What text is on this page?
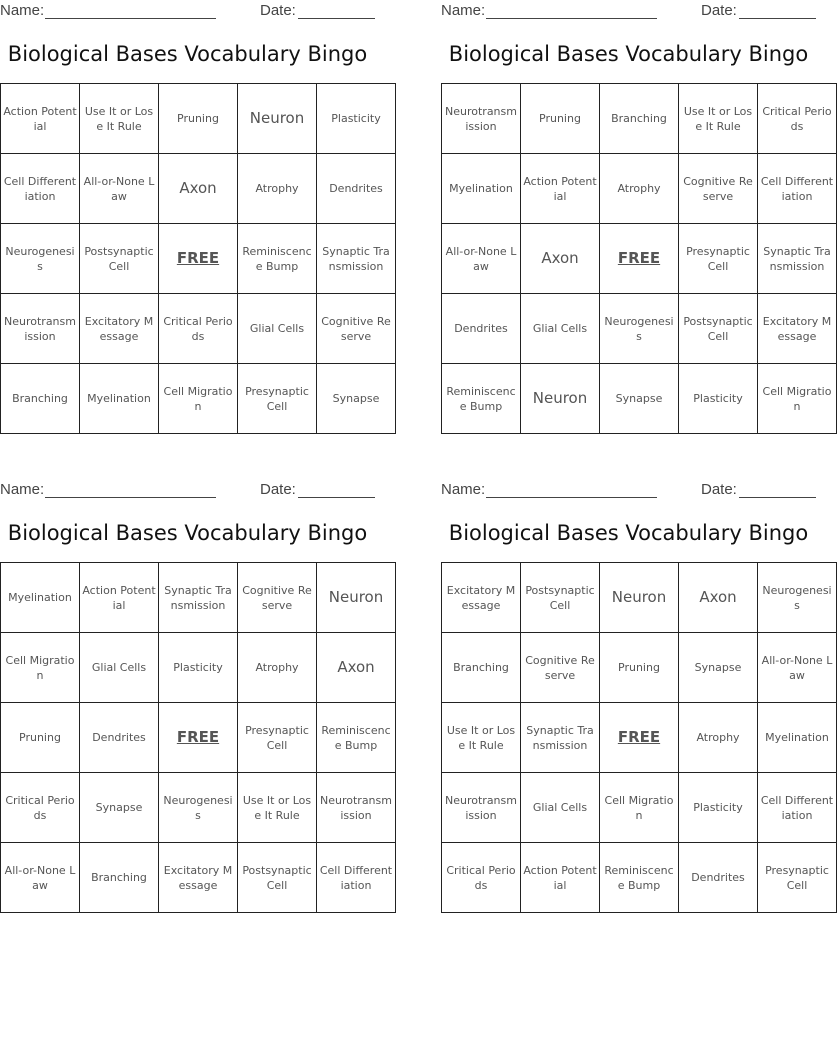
Name:	Date:
Biological Bases Vocabulary Bingo
Action Potential	Use It or Lose It Rule	Pruning	Neuron	Plasticity
Cell Differentiation	All-or-None Law	Axon	Atrophy	Dendrites
Neurogenesis	Postsynaptic Cell	FREE	Reminiscence Bump	Synaptic Transmission
Neurotransmission	Excitatory Message	Critical Periods	Glial Cells	Cognitive Reserve
Branching	Myelination	Cell Migration	Presynaptic Cell	Synapse
Name:	Date:
Biological Bases Vocabulary Bingo
Neurotransmission	Pruning	Branching	Use It or Lose It Rule	Critical Periods
Myelination	Action Potential	Atrophy	Cognitive Reserve	Cell Differentiation
All-or-None Law	Axon	FREE	Presynaptic Cell	Synaptic Transmission
Dendrites	Glial Cells	Neurogenesis	Postsynaptic Cell	Excitatory Message
Reminiscence Bump	Neuron	Synapse	Plasticity	Cell Migration
Name:	Date:
Biological Bases Vocabulary Bingo
Myelination	Action Potential	Synaptic Transmission	Cognitive Reserve	Neuron
Cell Migration	Glial Cells	Plasticity	Atrophy	Axon
Pruning	Dendrites	FREE	Presynaptic Cell	Reminiscence Bump
Critical Periods	Synapse	Neurogenesis	Use It or Lose It Rule	Neurotransmission
All-or-None Law	Branching	Excitatory Message	Postsynaptic Cell	Cell Differentiation
Name:	Date:
Biological Bases Vocabulary Bingo
Excitatory Message	Postsynaptic Cell	Neuron	Axon	Neurogenesis
Branching	Cognitive Reserve	Pruning	Synapse	All-or-None Law
Use It or Lose It Rule	Synaptic Transmission	FREE	Atrophy	Myelination
Neurotransmission	Glial Cells	Cell Migration	Plasticity	Cell Differentiation
Critical Periods	Action Potential	Reminiscence Bump	Dendrites	Presynaptic Cell
